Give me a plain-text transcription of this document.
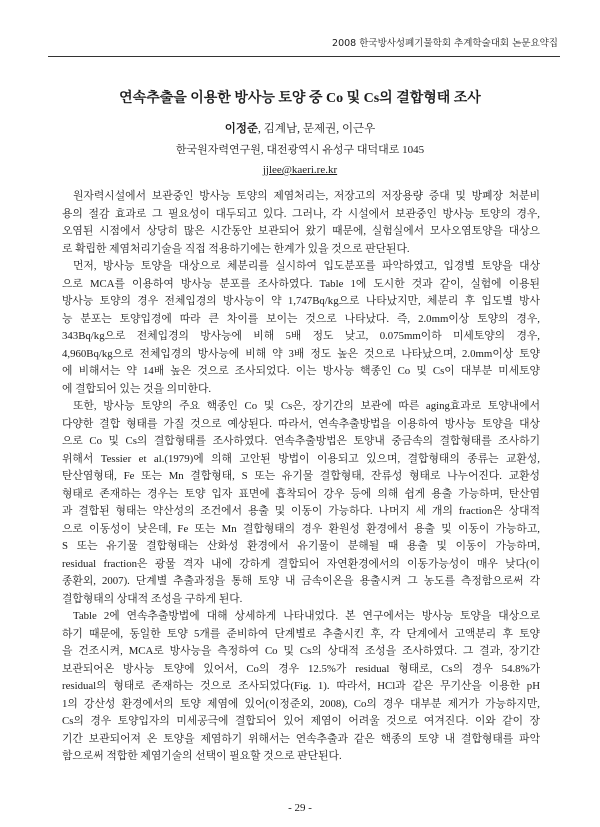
2008 한국방사성폐기물학회 추계학술대회 논문요약집
연속추출을 이용한 방사능 토양 중 Co 및 Cs의 결합형태 조사
이정준, 김계남, 문제권, 이근우
한국원자력연구원, 대전광역시 유성구 대덕대로 1045
jjlee@kaeri.re.kr
원자력시설에서 보관중인 방사능 토양의 제염처리는, 저장고의 저장용량 증대 및 방폐장 처분비
용의 절감 효과로 그 필요성이 대두되고 있다. 그러나, 각 시설에서 보관중인 방사능 토양의 경우,
오염된 시점에서 상당히 많은 시간동안 보관되어 왔기 때문에, 실험실에서 모사오염토양을 대상으
로 확립한 제염처리기술을 직접 적용하기에는 한계가 있을 것으로 판단된다.
먼저, 방사능 토양을 대상으로 체분리를 실시하여 입도분포를 파악하였고, 입경별 토양을 대상
으로 MCA를 이용하여 방사능 분포를 조사하였다. Table 1에 도시한 것과 같이, 실험에 이용된
방사능 토양의 경우 전체입경의 방사능이 약 1,747Bq/kg으로 나타났지만, 체분리 후 입도별 방사
능 분포는 토양입경에 따라 큰 차이를 보이는 것으로 나타났다. 즉, 2.0mm이상 토양의 경우,
343Bq/kg으로 전체입경의 방사능에 비해 5배 정도 낮고, 0.075mm이하 미세토양의 경우,
4,960Bq/kg으로 전체입경의 방사능에 비해 약 3배 정도 높은 것으로 나타났으며, 2.0mm이상 토양
에 비해서는 약 14배 높은 것으로 조사되었다. 이는 방사능 핵종인 Co 및 Cs이 대부분 미세토양
에 결합되어 있는 것을 의미한다.
또한, 방사능 토양의 주요 핵종인 Co 및 Cs은, 장기간의 보관에 따른 aging효과로 토양내에서
다양한 결합 형태를 가질 것으로 예상된다. 따라서, 연속추출방법을 이용하여 방사능 토양을 대상
으로 Co 및 Cs의 결합형태를 조사하였다. 연속추출방법은 토양내 중금속의 결합형태를 조사하기
위해서 Tessier et al.(1979)에 의해 고안된 방법이 이용되고 있으며, 결합형태의 종류는 교환성,
탄산염형태, Fe 또는 Mn 결합형태, S 또는 유기물 결합형태, 잔류성 형태로 나누어진다. 교환성
형태로 존재하는 경우는 토양 입자 표면에 흡착되어 강우 등에 의해 쉽게 용출 가능하며, 탄산염
과 결합된 형태는 약산성의 조건에서 용출 및 이동이 가능하다. 나머지 세 개의 fraction은 상대적
으로 이동성이 낮은데, Fe 또는 Mn 결합형태의 경우 환원성 환경에서 용출 및 이동이 가능하고,
S 또는 유기물 결합형태는 산화성 환경에서 유기물이 분해될 때 용출 및 이동이 가능하며,
residual fraction은 광물 격자 내에 강하게 결합되어 자연환경에서의 이동가능성이 매우 낮다(이
종환외, 2007). 단계별 추출과정을 통해 토양 내 금속이온을 용출시켜 그 농도를 측정함으로써 각
결합형태의 상대적 조성을 구하게 된다.
Table 2에 연속추출방법에 대해 상세하게 나타내었다. 본 연구에서는 방사능 토양을 대상으로
하기 때문에, 동일한 토양 5개를 준비하여 단계별로 추출시킨 후, 각 단계에서 고액분리 후 토양
을 건조시켜, MCA로 방사능을 측정하여 Co 및 Cs의 상대적 조성을 조사하였다. 그 결과, 장기간
보관되어온 방사능 토양에 있어서, Co의 경우 12.5%가 residual 형태로, Cs의 경우 54.8%가
residual의 형태로 존재하는 것으로 조사되었다(Fig. 1). 따라서, HCl과 같은 무기산을 이용한 pH
1의 강산성 환경에서의 토양 제염에 있어(이정준외, 2008), Co의 경우 대부분 제거가 가능하지만,
Cs의 경우 토양입자의 미세공극에 결합되어 있어 제염이 어려울 것으로 여겨진다. 이와 같이 장
기간 보관되어져 온 토양을 제염하기 위해서는 연속추출과 같은 핵종의 토양 내 결합형태를 파악
함으로써 적합한 제염기술의 선택이 필요할 것으로 판단된다.
- 29 -
